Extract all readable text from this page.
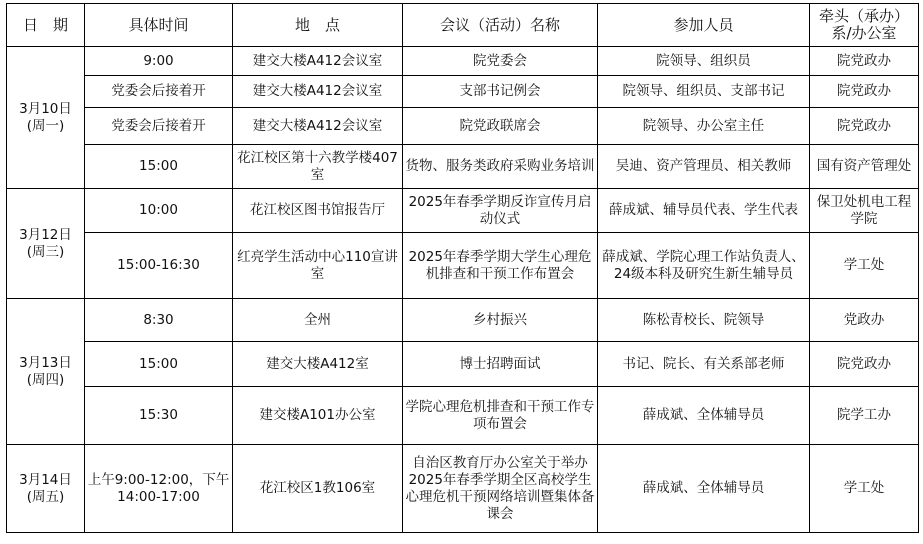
日　期	具体时间	地　点	会议（活动）名称	参加人员	牵头（承办）系/办公室

3月10日
(周一)	9:00	建交大楼A412会议室	院党委会	院领导、组织员	院党政办
	党委会后接着开	建交大楼A412会议室	支部书记例会	院领导、组织员、支部书记	院党政办
	党委会后接着开	建交大楼A412会议室	院党政联席会	院领导、办公室主任	院党政办
	15:00	花江校区第十六教学楼407室	货物、服务类政府采购业务培训	吴迪、资产管理员、相关教师	国有资产管理处

3月12日
(周三)	10:00	花江校区图书馆报告厅	2025年春季学期反诈宣传月启动仪式	薛成斌、辅导员代表、学生代表	保卫处机电工程学院
	15:00-16:30	红亮学生活动中心110宣讲室	2025年春季学期大学生心理危机排查和干预工作布置会	薛成斌、学院心理工作站负责人、24级本科及研究生新生辅导员	学工处

3月13日
(周四)	8:30	全州	乡村振兴	陈松青校长、院领导	党政办
	15:00	建交大楼A412室	博士招聘面试	书记、院长、有关系部老师	院党政办
	15:30	建交楼A101办公室	学院心理危机排查和干预工作专项布置会	薛成斌、全体辅导员	院学工办

3月14日
(周五)	上午9:00-12:00，下午14:00-17:00	花江校区1教106室	自治区教育厅办公室关于举办2025年春季学期全区高校学生心理危机干预网络培训暨集体备课会	薛成斌、全体辅导员	学工处
